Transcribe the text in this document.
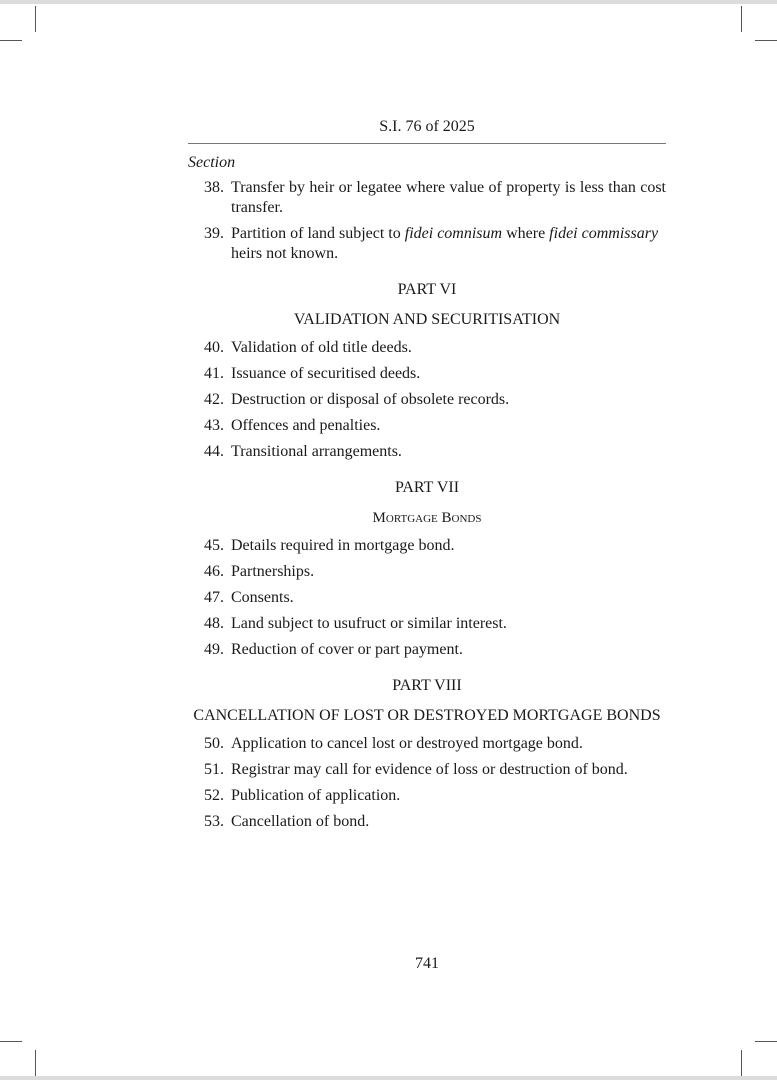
S.I. 76 of 2025
Section
38 . Transfer by heir or legatee where value of property is less than cost transfer.
39 . Partition of land subject to fidei comnisum where fidei commissary heirs not known.
PART VI
VALIDATION AND SECURITISATION
40 . Validation of old title deeds.
41 . Issuance of securitised deeds.
42 . Destruction or disposal of obsolete records.
43 . Offences and penalties.
44 . Transitional arrangements.
PART VII
Mortgage Bonds
45 . Details required in mortgage bond.
46 . Partnerships.
47 . Consents.
48 . Land subject to usufruct or similar interest.
49 . Reduction of cover or part payment.
PART VIII
CANCELLATION OF LOST OR DESTROYED MORTGAGE BONDS
50 . Application to cancel lost or destroyed mortgage bond.
51 . Registrar may call for evidence of loss or destruction of bond.
52 . Publication of application.
53 . Cancellation of bond.
741
